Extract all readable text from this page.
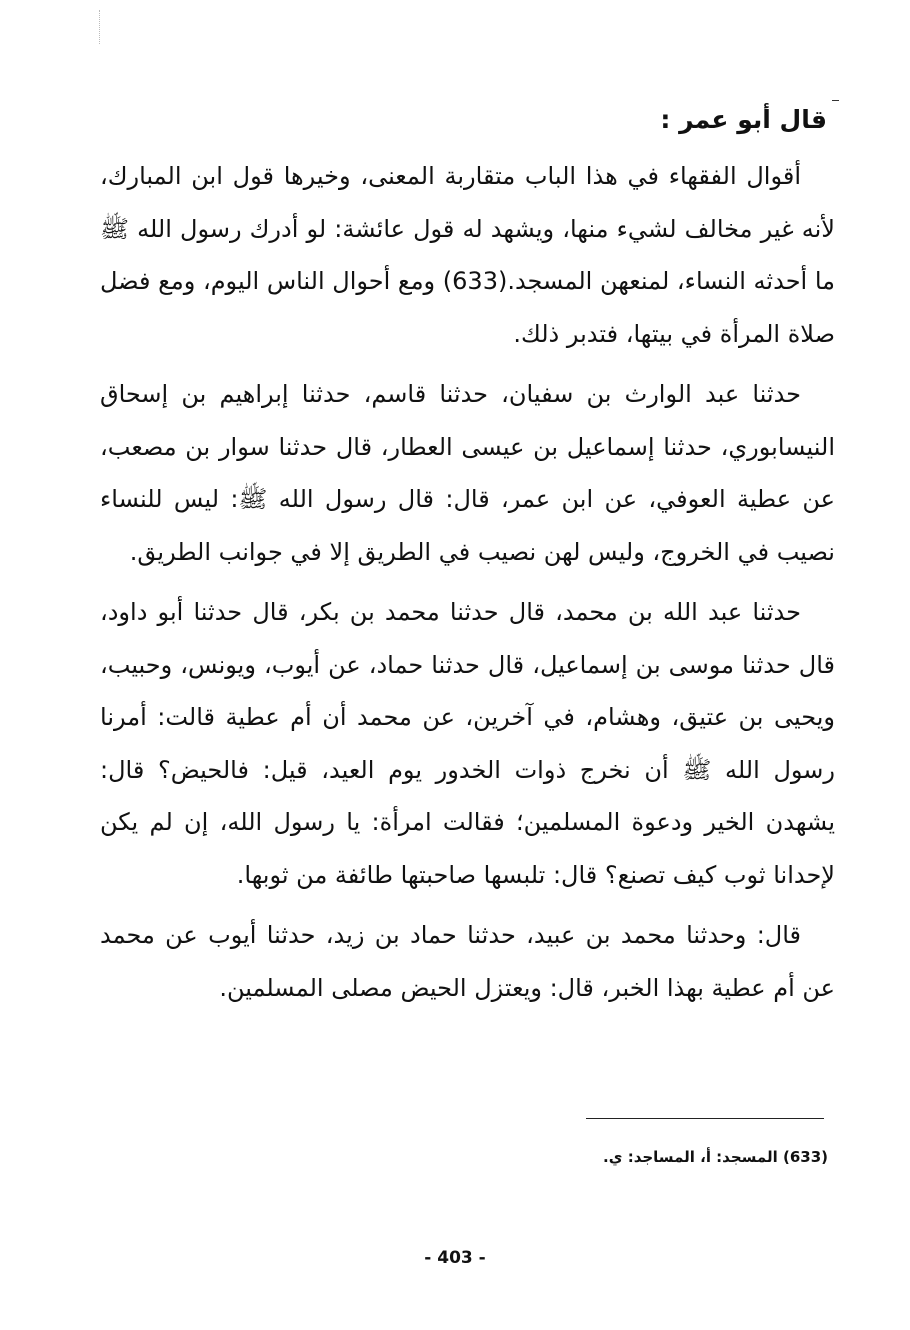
قال أبو عمر :

أقوال الفقهاء في هذا الباب متقاربة المعنى، وخيرها قول ابن المبارك، لأنه غير مخالف لشيء منها، ويشهد له قول عائشة: لو أدرك رسول الله ﷺ ما أحدثه النساء، لمنعهن المسجد.(633) ومع أحوال الناس اليوم، ومع فضل صلاة المرأة في بيتها، فتدبر ذلك.

حدثنا عبد الوارث بن سفيان، حدثنا قاسم، حدثنا إبراهيم بن إسحاق النيسابوري، حدثنا إسماعيل بن عيسى العطار، قال حدثنا سوار بن مصعب، عن عطية العوفي، عن ابن عمر، قال: قال رسول الله ﷺ: ليس للنساء نصيب في الخروج، وليس لهن نصيب في الطريق إلا في جوانب الطريق.

حدثنا عبد الله بن محمد، قال حدثنا محمد بن بكر، قال حدثنا أبو داود، قال حدثنا موسى بن إسماعيل، قال حدثنا حماد، عن أيوب، ويونس، وحبيب، ويحيى بن عتيق، وهشام، في آخرين، عن محمد أن أم عطية قالت: أمرنا رسول الله ﷺ أن نخرج ذوات الخدور يوم العيد، قيل: فالحيض؟ قال: يشهدن الخير ودعوة المسلمين؛ فقالت امرأة: يا رسول الله، إن لم يكن لإحدانا ثوب كيف تصنع؟ قال: تلبسها صاحبتها طائفة من ثوبها.

قال: وحدثنا محمد بن عبيد، حدثنا حماد بن زيد، حدثنا أيوب عن محمد عن أم عطية بهذا الخبر، قال: ويعتزل الحيض مصلى المسلمين.

(633) المسجد: أ، المساجد: ي.
- 403 -
